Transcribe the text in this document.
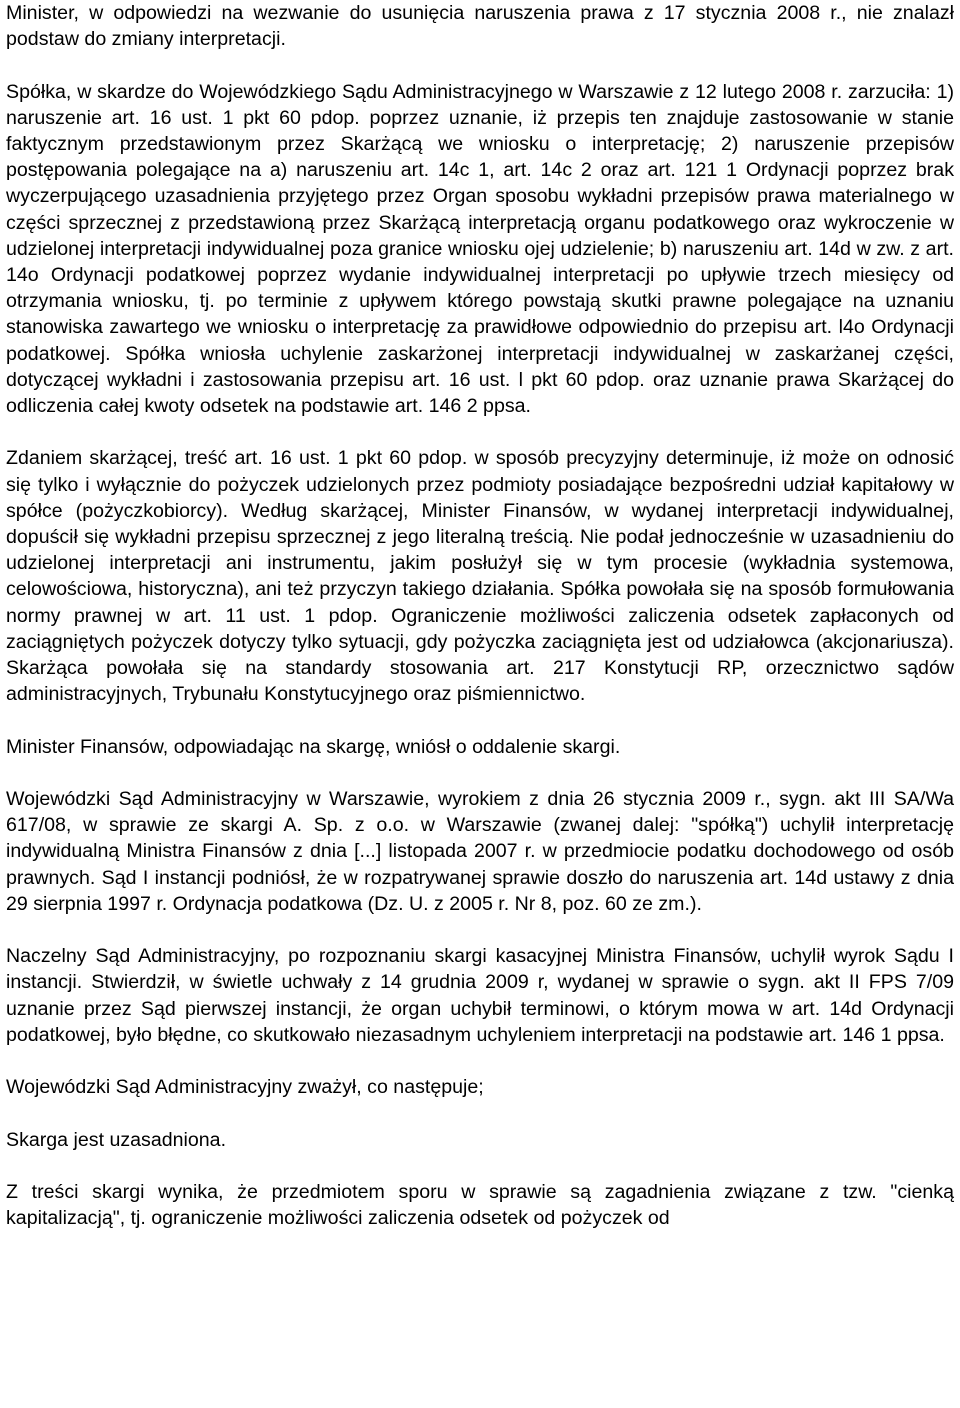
Minister, w odpowiedzi na wezwanie do usunięcia naruszenia prawa z 17 stycznia 2008 r., nie znalazł podstaw do zmiany interpretacji.

Spółka, w skardze do Wojewódzkiego Sądu Administracyjnego w Warszawie z 12 lutego 2008 r. zarzuciła: 1) naruszenie art. 16 ust. 1 pkt 60 pdop. poprzez uznanie, iż przepis ten znajduje zastosowanie w stanie faktycznym przedstawionym przez Skarżącą we wniosku o interpretację; 2) naruszenie przepisów postępowania polegające na a) naruszeniu art. 14c 1, art. 14c 2 oraz art. 121 1 Ordynacji poprzez brak wyczerpującego uzasadnienia przyjętego przez Organ sposobu wykładni przepisów prawa materialnego w części sprzecznej z przedstawioną przez Skarżącą interpretacją organu podatkowego oraz wykroczenie w udzielonej interpretacji indywidualnej poza granice wniosku ojej udzielenie; b) naruszeniu art. 14d w zw. z art. 14o Ordynacji podatkowej poprzez wydanie indywidualnej interpretacji po upływie trzech miesięcy od otrzymania wniosku, tj. po terminie z upływem którego powstają skutki prawne polegające na uznaniu stanowiska zawartego we wniosku o interpretację za prawidłowe odpowiednio do przepisu art. l4o Ordynacji podatkowej. Spółka wniosła uchylenie zaskarżonej interpretacji indywidualnej w zaskarżanej części, dotyczącej wykładni i zastosowania przepisu art. 16 ust. l pkt 60 pdop. oraz uznanie prawa Skarżącej do odliczenia całej kwoty odsetek na podstawie art. 146 2 ppsa.

Zdaniem skarżącej, treść art. 16 ust. 1 pkt 60 pdop. w sposób precyzyjny determinuje, iż może on odnosić się tylko i wyłącznie do pożyczek udzielonych przez podmioty posiadające bezpośredni udział kapitałowy w spółce (pożyczkobiorcy). Według skarżącej, Minister Finansów, w wydanej interpretacji indywidualnej, dopuścił się wykładni przepisu sprzecznej z jego literalną treścią. Nie podał jednocześnie w uzasadnieniu do udzielonej interpretacji ani instrumentu, jakim posłużył się w tym procesie (wykładnia systemowa, celowościowa, historyczna), ani też przyczyn takiego działania. Spółka powołała się na sposób formułowania normy prawnej w art. 11 ust. 1 pdop. Ograniczenie możliwości zaliczenia odsetek zapłaconych od zaciągniętych pożyczek dotyczy tylko sytuacji, gdy pożyczka zaciągnięta jest od udziałowca (akcjonariusza). Skarżąca powołała się na standardy stosowania art. 217 Konstytucji RP, orzecznictwo sądów administracyjnych, Trybunału Konstytucyjnego oraz piśmiennictwo.

Minister Finansów, odpowiadając na skargę, wniósł o oddalenie skargi.

Wojewódzki Sąd Administracyjny w Warszawie, wyrokiem z dnia 26 stycznia 2009 r., sygn. akt III SA/Wa 617/08, w sprawie ze skargi A. Sp. z o.o. w Warszawie (zwanej dalej: "spółką") uchylił interpretację indywidualną Ministra Finansów z dnia [...] listopada 2007 r. w przedmiocie podatku dochodowego od osób prawnych. Sąd I instancji podniósł, że w rozpatrywanej sprawie doszło do naruszenia art. 14d ustawy z dnia 29 sierpnia 1997 r. Ordynacja podatkowa (Dz. U. z 2005 r. Nr 8, poz. 60 ze zm.).

Naczelny Sąd Administracyjny, po rozpoznaniu skargi kasacyjnej Ministra Finansów, uchylił wyrok Sądu I instancji. Stwierdził, w świetle uchwały z 14 grudnia 2009 r, wydanej w sprawie o sygn. akt II FPS 7/09 uznanie przez Sąd pierwszej instancji, że organ uchybił terminowi, o którym mowa w art. 14d Ordynacji podatkowej, było błędne, co skutkowało niezasadnym uchyleniem interpretacji na podstawie art. 146 1 ppsa.

Wojewódzki Sąd Administracyjny zważył, co następuje;

Skarga jest uzasadniona.

Z treści skargi wynika, że przedmiotem sporu w sprawie są zagadnienia związane z tzw. "cienką kapitalizacją", tj. ograniczenie możliwości zaliczenia odsetek od pożyczek od
